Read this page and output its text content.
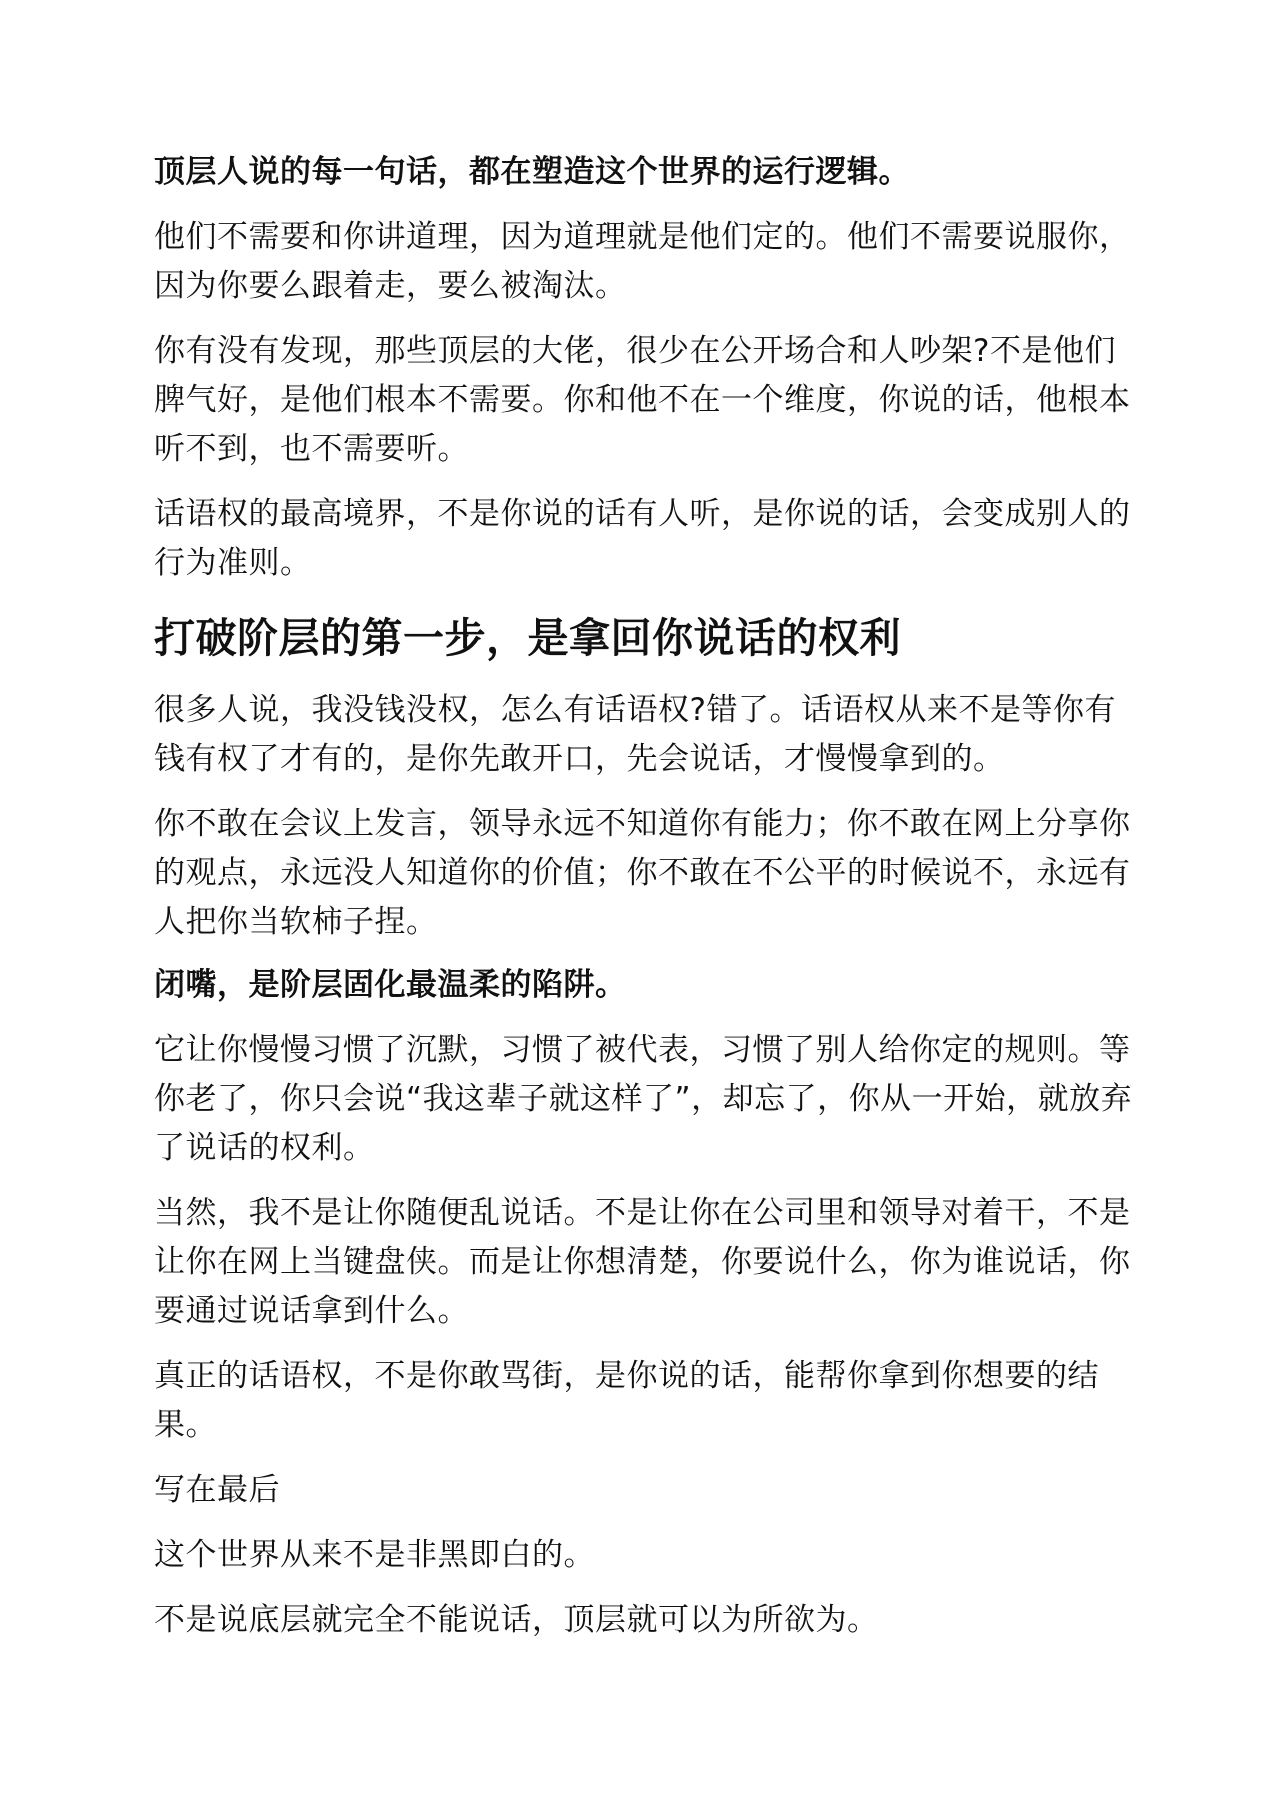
顶层人说的每一句话，都在塑造这个世界的运行逻辑。

他们不需要和你讲道理，因为道理就是他们定的。他们不需要说服你，因为你要么跟着走，要么被淘汰。

你有没有发现，那些顶层的大佬，很少在公开场合和人吵架?不是他们脾气好，是他们根本不需要。你和他不在一个维度，你说的话，他根本听不到，也不需要听。

话语权的最高境界，不是你说的话有人听，是你说的话，会变成别人的行为准则。

打破阶层的第一步，是拿回你说话的权利

很多人说，我没钱没权，怎么有话语权?错了。话语权从来不是等你有钱有权了才有的，是你先敢开口，先会说话，才慢慢拿到的。

你不敢在会议上发言，领导永远不知道你有能力；你不敢在网上分享你的观点，永远没人知道你的价值；你不敢在不公平的时候说不，永远有人把你当软柿子捏。

闭嘴，是阶层固化最温柔的陷阱。

它让你慢慢习惯了沉默，习惯了被代表，习惯了别人给你定的规则。等你老了，你只会说“我这辈子就这样了”，却忘了，你从一开始，就放弃了说话的权利。

当然，我不是让你随便乱说话。不是让你在公司里和领导对着干，不是让你在网上当键盘侠。而是让你想清楚，你要说什么，你为谁说话，你要通过说话拿到什么。

真正的话语权，不是你敢骂街，是你说的话，能帮你拿到你想要的结果。

写在最后

这个世界从来不是非黑即白的。

不是说底层就完全不能说话，顶层就可以为所欲为。
